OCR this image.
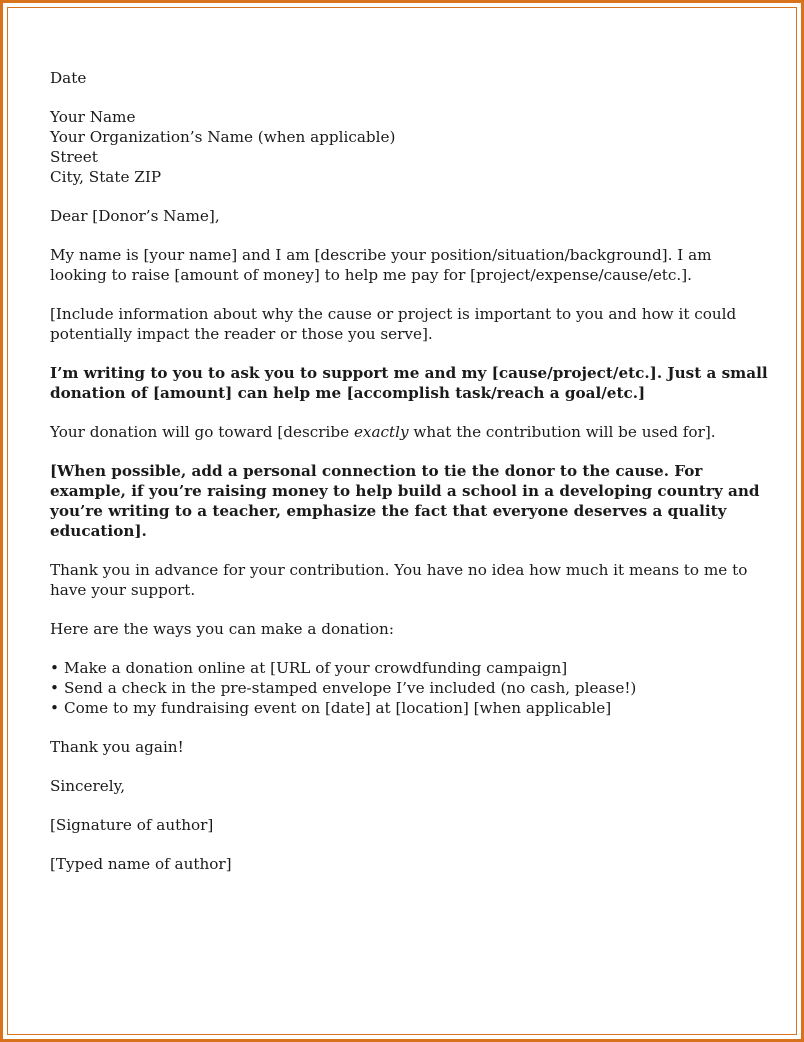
Date

Your Name

Your Organization’s Name (when applicable)

Street

City, State ZIP

Dear [Donor’s Name],

My name is [your name] and I am [describe your position/situation/background]. I am looking to raise [amount of money] to help me pay for [project/expense/cause/etc.].

[Include information about why the cause or project is important to you and how it could potentially impact the reader or those you serve].

I’m writing to you to ask you to support me and my [cause/project/etc.]. Just a small donation of [amount] can help me [accomplish task/reach a goal/etc.]

Your donation will go toward [describe exactly what the contribution will be used for].

[When possible, add a personal connection to tie the donor to the cause. For example, if you’re raising money to help build a school in a developing country and you’re writing to a teacher, emphasize the fact that everyone deserves a quality education].

Thank you in advance for your contribution. You have no idea how much it means to me to have your support.

Here are the ways you can make a donation:

• Make a donation online at [URL of your crowdfunding campaign]
• Send a check in the pre-stamped envelope I’ve included (no cash, please!)
• Come to my fundraising event on [date] at [location] [when applicable]

Thank you again!

Sincerely,

[Signature of author]

[Typed name of author]
